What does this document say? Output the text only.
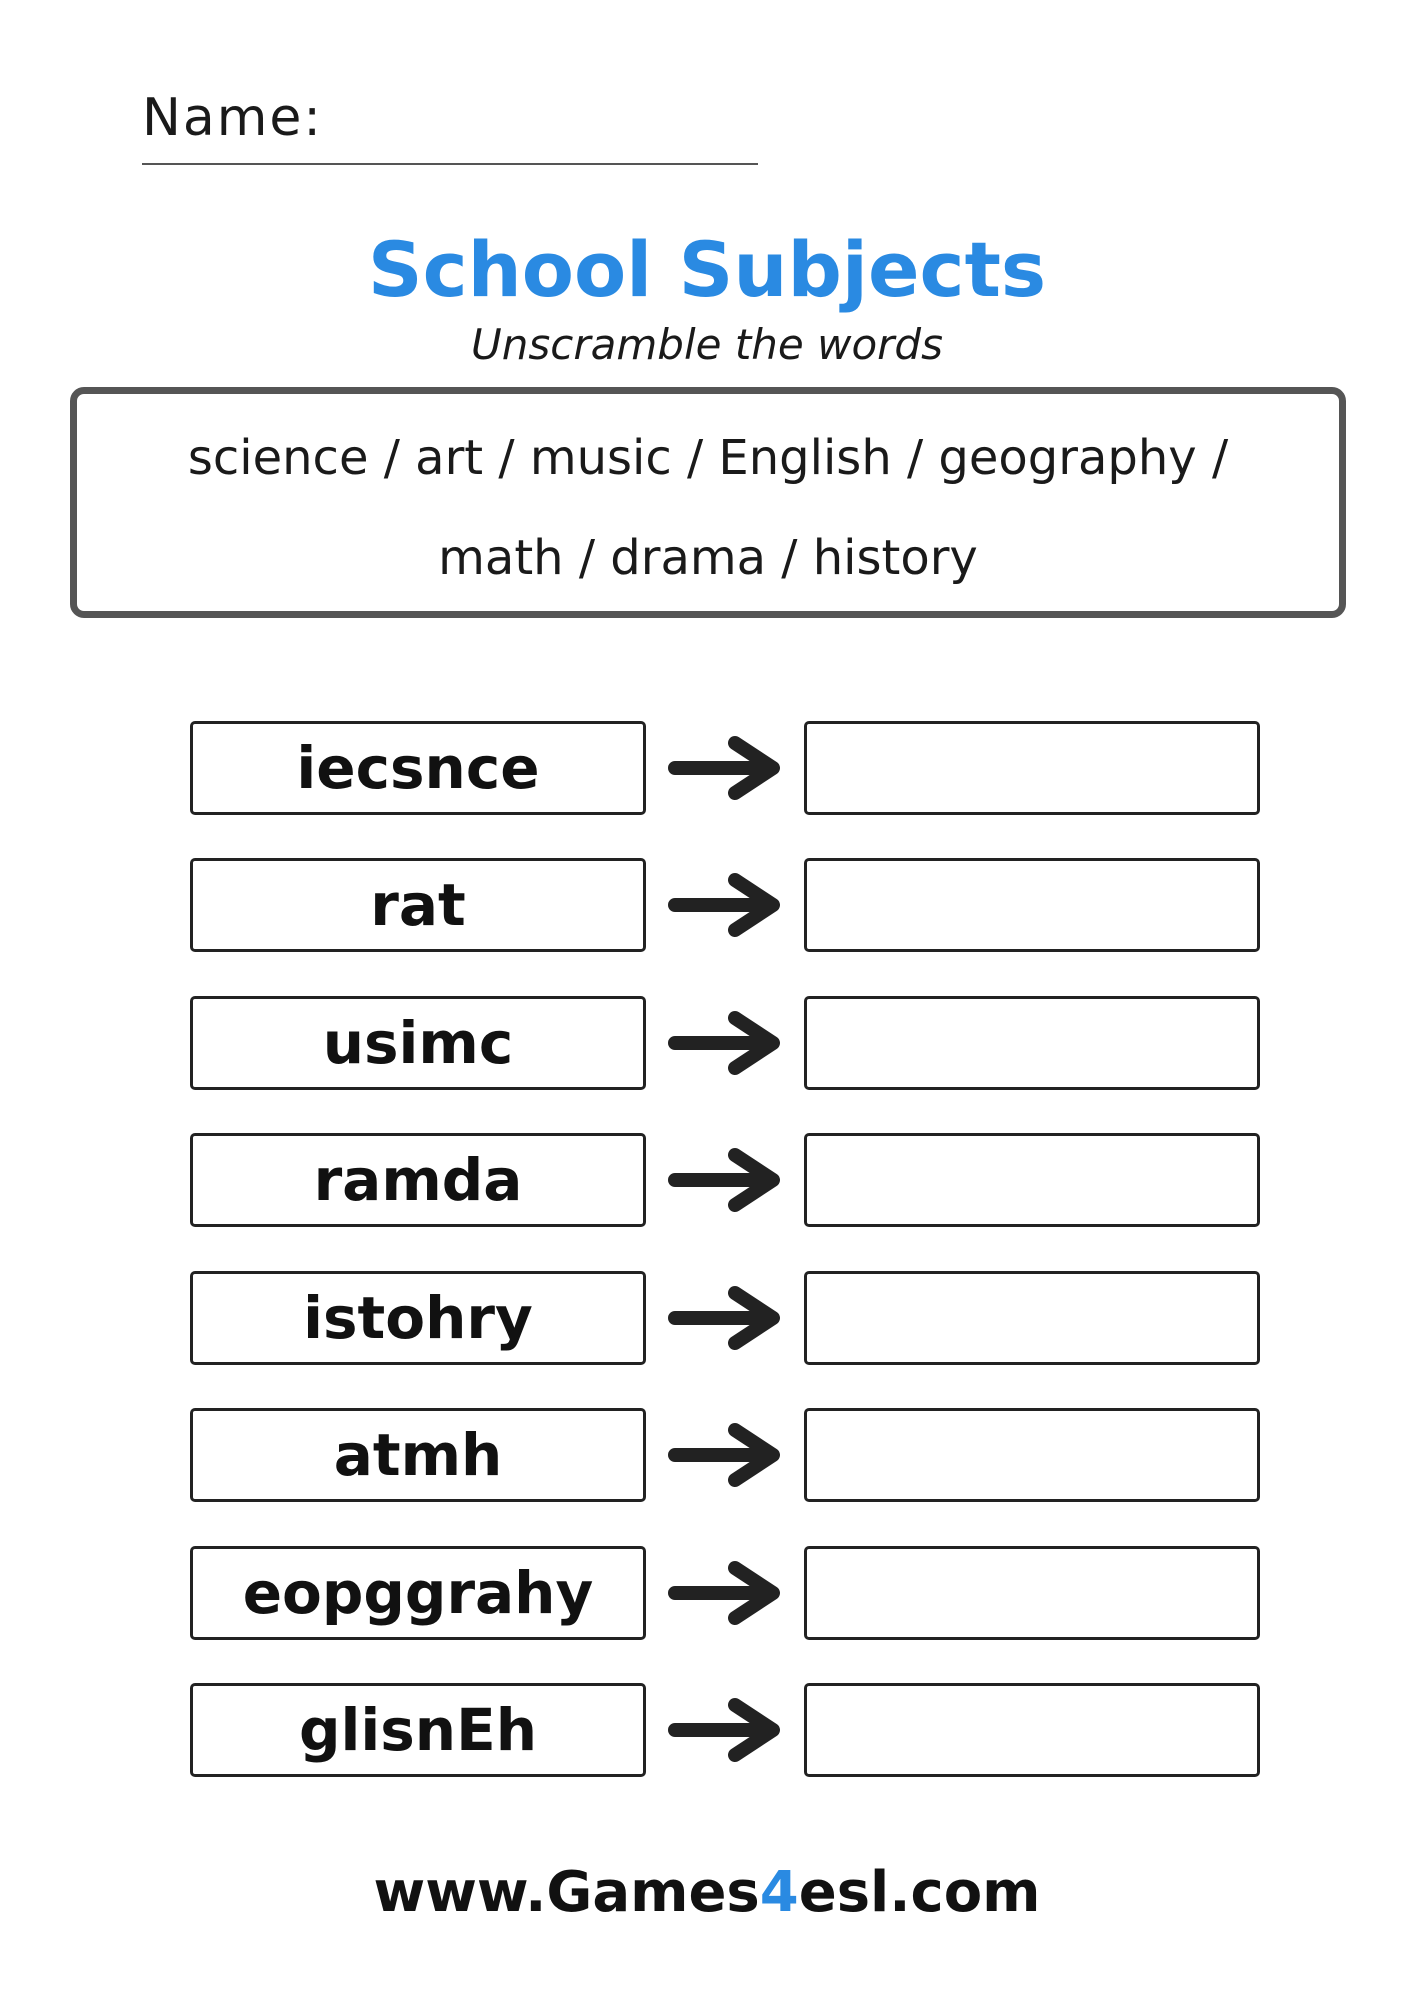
Name:
School Subjects
Unscramble the words
science / art / music / English / geography /
math / drama / history
iecsnce
rat
usimc
ramda
istohry
atmh
eopggrahy
glisnEh
www.Games4esl.com
